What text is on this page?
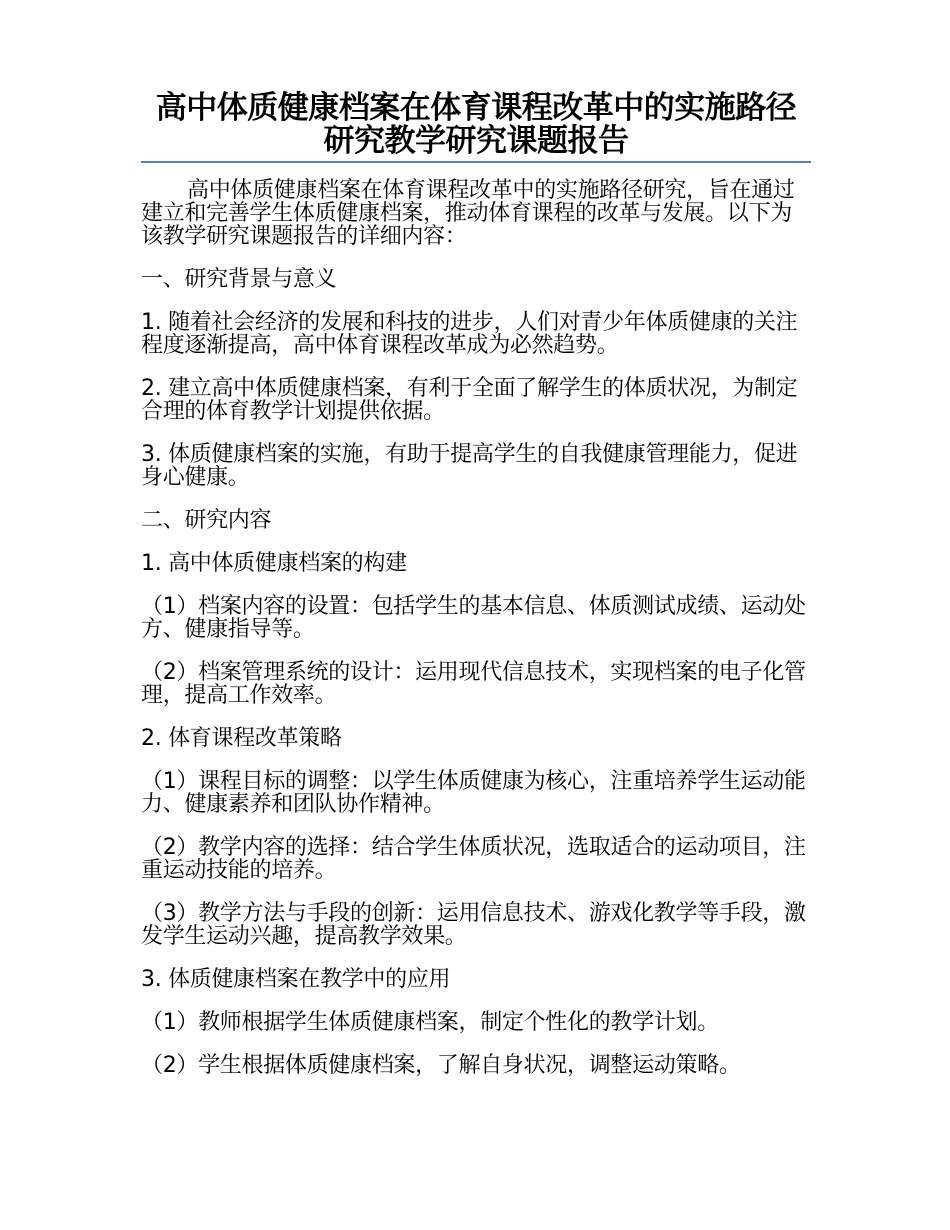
高中体质健康档案在体育课程改革中的实施路径研究教学研究课题报告

高中体质健康档案在体育课程改革中的实施路径研究，旨在通过建立和完善学生体质健康档案，推动体育课程的改革与发展。以下为该教学研究课题报告的详细内容：

一、研究背景与意义

1. 随着社会经济的发展和科技的进步，人们对青少年体质健康的关注程度逐渐提高，高中体育课程改革成为必然趋势。

2. 建立高中体质健康档案，有利于全面了解学生的体质状况，为制定合理的体育教学计划提供依据。

3. 体质健康档案的实施，有助于提高学生的自我健康管理能力，促进身心健康。

二、研究内容

1. 高中体质健康档案的构建

（1）档案内容的设置：包括学生的基本信息、体质测试成绩、运动处方、健康指导等。

（2）档案管理系统的设计：运用现代信息技术，实现档案的电子化管理，提高工作效率。

2. 体育课程改革策略

（1）课程目标的调整：以学生体质健康为核心，注重培养学生运动能力、健康素养和团队协作精神。

（2）教学内容的选择：结合学生体质状况，选取适合的运动项目，注重运动技能的培养。

（3）教学方法与手段的创新：运用信息技术、游戏化教学等手段，激发学生运动兴趣，提高教学效果。

3. 体质健康档案在教学中的应用

（1）教师根据学生体质健康档案，制定个性化的教学计划。

（2）学生根据体质健康档案，了解自身状况，调整运动策略。
